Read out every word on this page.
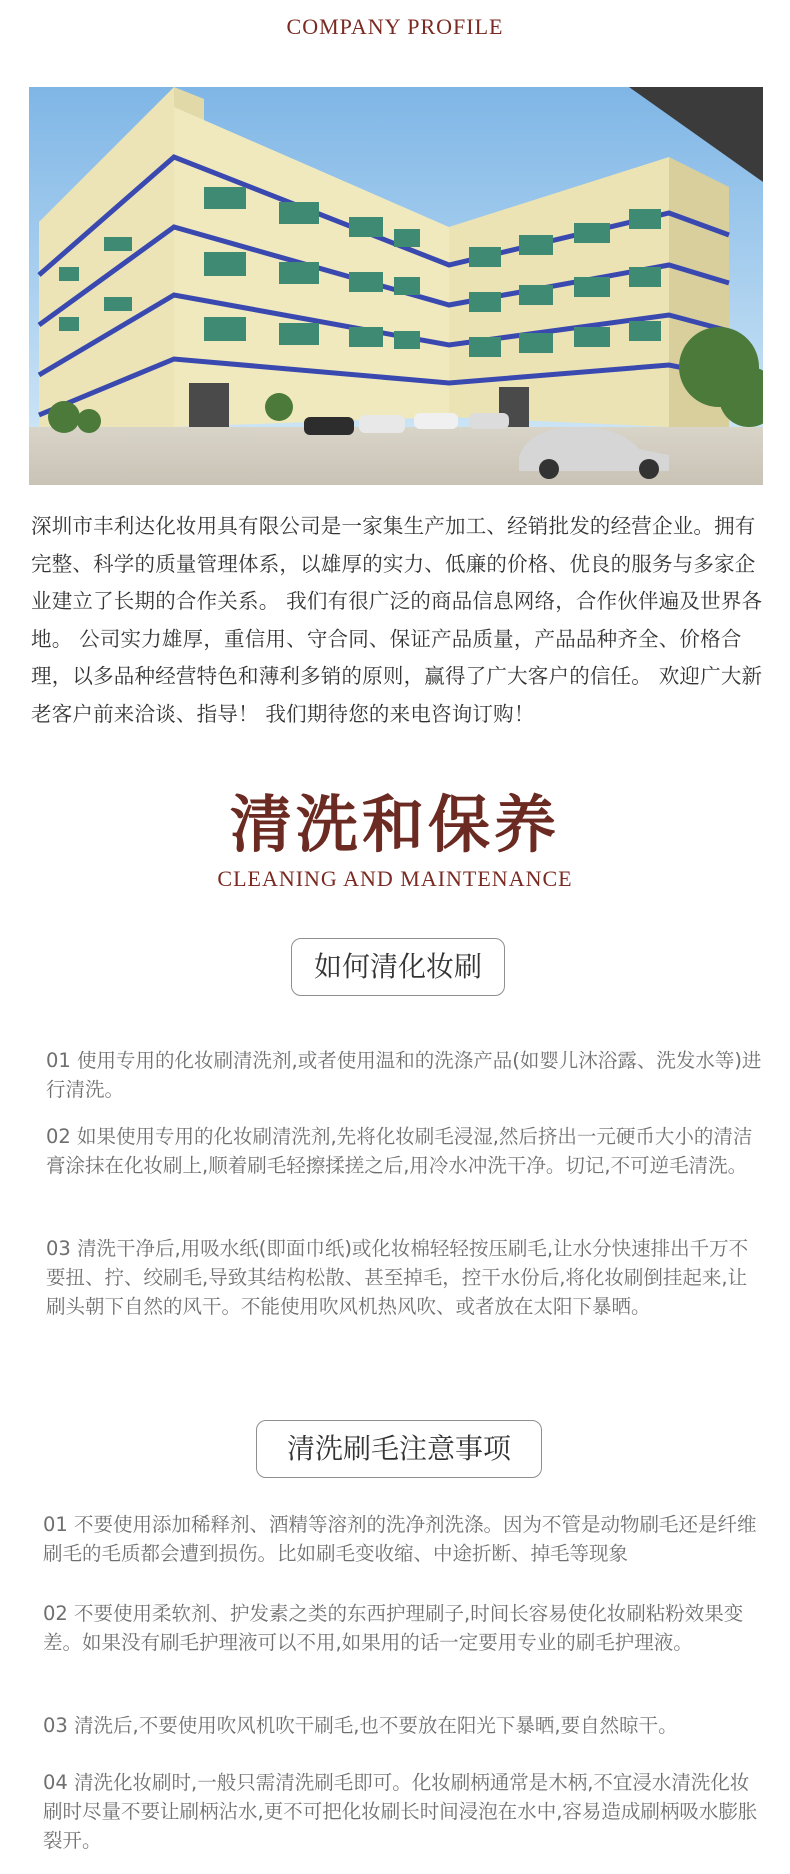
COMPANY PROFILE
深圳市丰利达化妆用具有限公司是一家集生产加工、经销批发的经营企业。拥有完整、科学的质量管理体系，以雄厚的实力、低廉的价格、优良的服务与多家企业建立了长期的合作关系。 我们有很广泛的商品信息网络，合作伙伴遍及世界各地。 公司实力雄厚，重信用、守合同、保证产品质量，产品品种齐全、价格合理，以多品种经营特色和薄利多销的原则，赢得了广大客户的信任。 欢迎广大新老客户前来洽谈、指导！ 我们期待您的来电咨询订购！
清洗和保养
CLEANING AND MAINTENANCE
如何清化妆刷
01 使用专用的化妆刷清洗剂,或者使用温和的洗涤产品(如婴儿沐浴露、洗发水等)进行清洗。
02 如果使用专用的化妆刷清洗剂,先将化妆刷毛浸湿,然后挤出一元硬币大小的清洁膏涂抹在化妆刷上,顺着刷毛轻擦揉搓之后,用冷水冲洗干净。切记,不可逆毛清洗。
03 清洗干净后,用吸水纸(即面巾纸)或化妆棉轻轻按压刷毛,让水分快速排出千万不要扭、拧、绞刷毛,导致其结构松散、甚至掉毛，控干水份后,将化妆刷倒挂起来,让刷头朝下自然的风干。不能使用吹风机热风吹、或者放在太阳下暴晒。
清洗刷毛注意事项
01 不要使用添加稀释剂、酒精等溶剂的洗净剂洗涤。因为不管是动物刷毛还是纤维刷毛的毛质都会遭到损伤。比如刷毛变收缩、中途折断、掉毛等现象
02 不要使用柔软剂、护发素之类的东西护理刷子,时间长容易使化妆刷粘粉效果变差。如果没有刷毛护理液可以不用,如果用的话一定要用专业的刷毛护理液。
03 清洗后,不要使用吹风机吹干刷毛,也不要放在阳光下暴晒,要自然晾干。
04 清洗化妆刷时,一般只需清洗刷毛即可。化妆刷柄通常是木柄,不宜浸水清洗化妆刷时尽量不要让刷柄沾水,更不可把化妆刷长时间浸泡在水中,容易造成刷柄吸水膨胀裂开。
